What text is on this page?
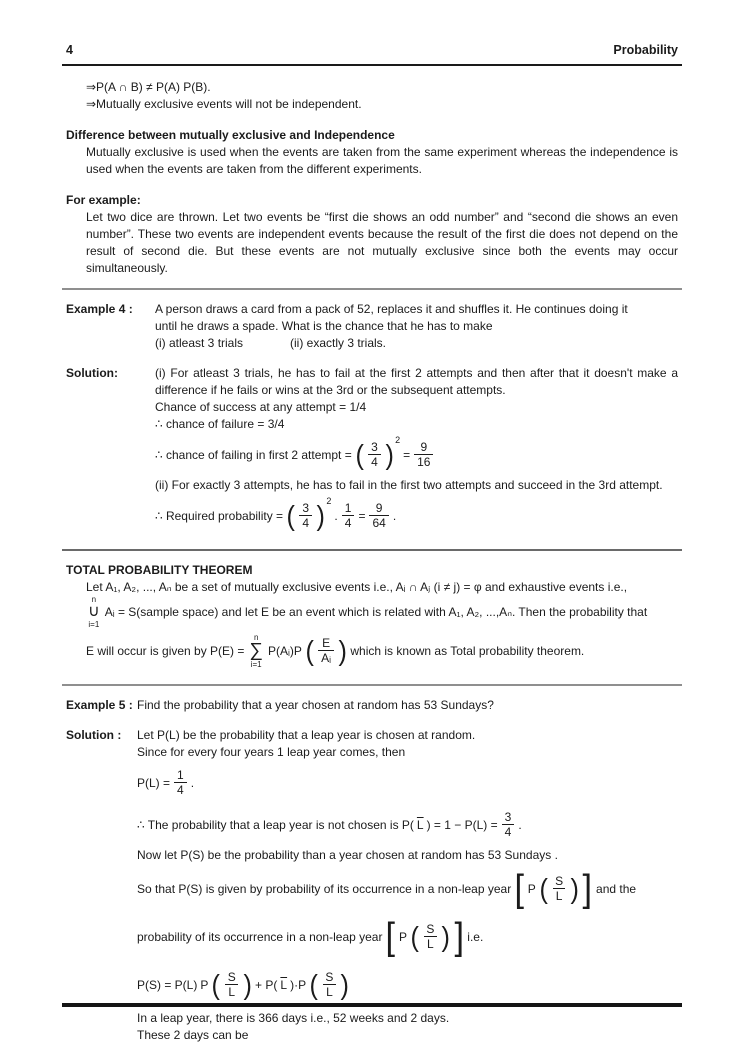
4	Probability
⇒P(A ∩ B) ≠ P(A) P(B).
⇒Mutually exclusive events will not be independent.
Difference between mutually exclusive and Independence
Mutually exclusive is used when the events are taken from the same experiment whereas the independence is used when the events are taken from the different experiments.
For example:
Let two dice are thrown. Let two events be “first die shows an odd number” and “second die shows an even number”. These two events are independent events because the result of the first die does not depend on the result of second die. But these events are not mutually exclusive since both the events may occur simultaneously.
Example 4 :	A person draws a card from a pack of 52, replaces it and shuffles it. He continues doing it
until he draws a spade. What is the chance that he has to make
(i) atleast 3 trials	(ii) exactly 3 trials.
Solution:	(i) For atleast 3 trials, he has to fail at the first 2 attempts and then after that it doesn't make a difference if he fails or wins at the 3rd or the subsequent attempts.
Chance of success at any attempt = 1/4
∴ chance of failure = 3/4
∴ chance of failing in first 2 attempt = ( $\frac{3}{4} )^2$
= $\frac{9}{16}$
(ii) For exactly 3 attempts, he has to fail in the first two attempts and succeed in the 3rd attempt.
∴ Required probability = ( $\frac{3}{4} )^2$
. $\frac{1}{4} = \frac{9}{64}$ .
TOTAL PROBABILITY THEOREM
Let A₁, A₂, ..., Aₙ be a set of mutually exclusive events i.e., Aᵢ ∩ Aⱼ (i ≠ j) = φ and exhaustive events i.e.,
n
∪
i=1
Aᵢ = S(sample space) and let E be an event which is related with A₁, A₂, ...,Aₙ. Then the probability that
E will occur is given by P(E) =
n
∑
i=1
P(Aᵢ)P ( $\frac{E}{\text{Aᵢ}}$ ) which is known as Total probability theorem.
Example 5 : Find the probability that a year chosen at random has 53 Sundays?
Solution :	Let P(L) be the probability that a leap year is chosen at random.
Since for every four years 1 leap year comes, then
$P(L) = \frac{1}{4}$ .
∴ The probability that a leap year is not chosen is P( $\overline{L}$ ) = $1 - P(L) = \frac{3}{4}$ .
Now let P(S) be the probability than a year chosen at random has 53 Sundays .
So that P(S) is given by probability of its occurrence in a non-leap year [ P ( $\frac{S}{L}$ ) ] and the
probability of its occurrence in a non-leap year [ P ( $\frac{S}{L}$ ) ] i.e.
P(S) = P(L) P ( $\frac{S}{L}$ ) + P( $\overline{L}$ )·P ( $\frac{S}{L}$ )
In a leap year, there is 366 days i.e., 52 weeks and 2 days.
These 2 days can be
